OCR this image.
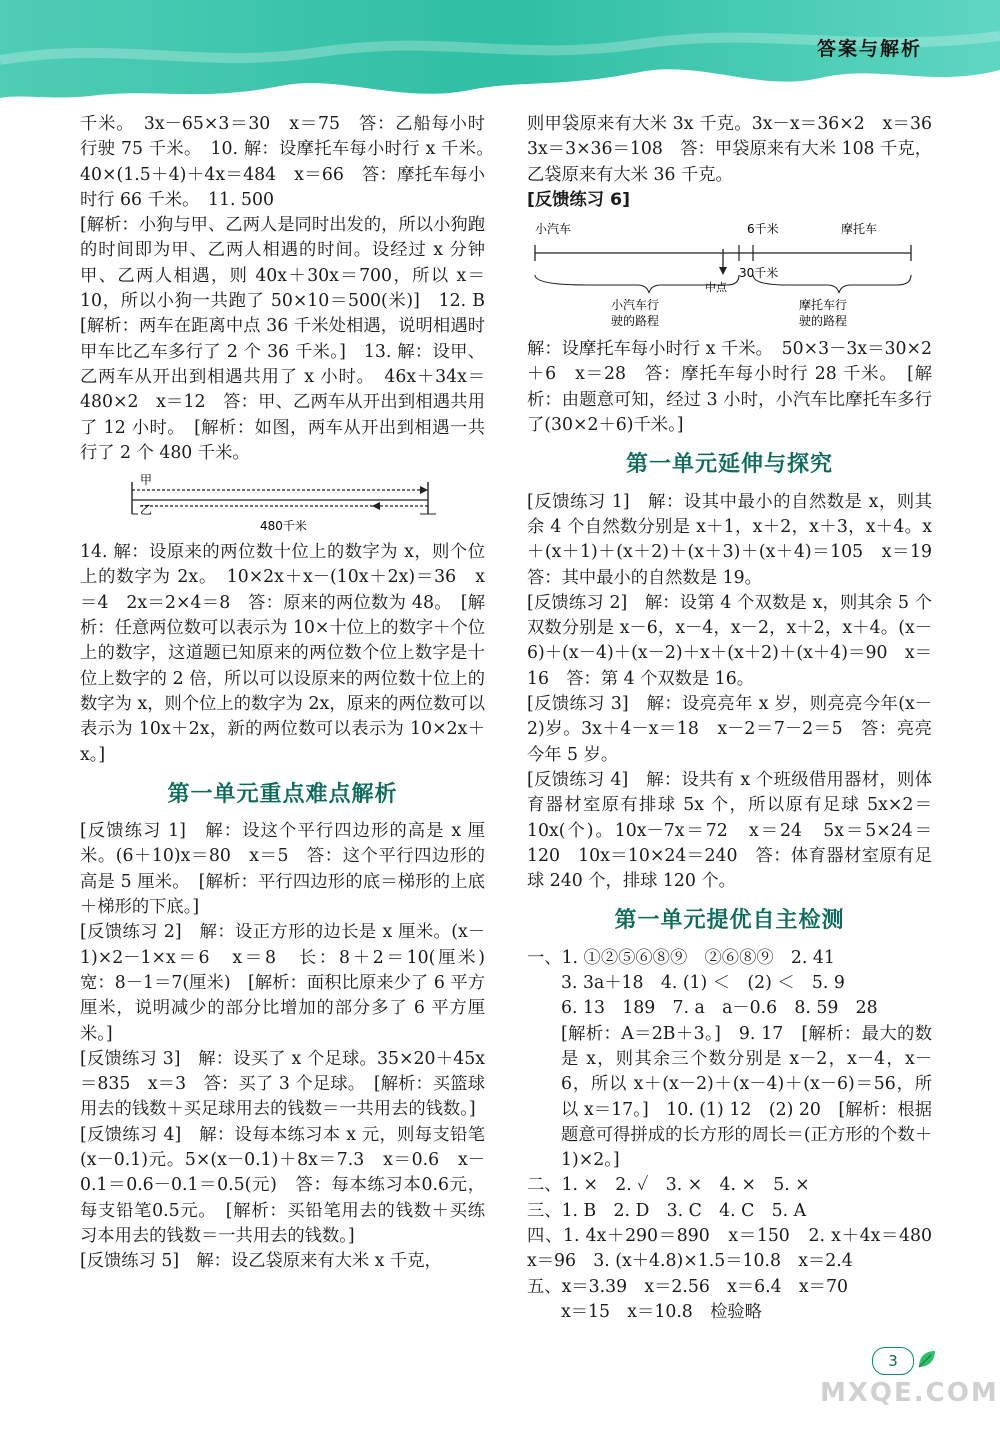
答案与解析

千米。　3x－65×3＝30　x＝75　答：乙船每小时行驶 75 千米。　10. 解：设摩托车每小时行 x 千米。　40×(1.5＋4)＋4x＝484　x＝66　答：摩托车每小时行 66 千米。　11. 500

[解析：小狗与甲、乙两人是同时出发的，所以小狗跑的时间即为甲、乙两人相遇的时间。设经过 x 分钟甲、乙两人相遇，则 40x＋30x＝700，所以 x＝10，所以小狗一共跑了 50×10＝500(米)]　12. B　[解析：两车在距离中点 36 千米处相遇，说明相遇时甲车比乙车多行了 2 个 36 千米。]　13. 解：设甲、乙两车从开出到相遇共用了 x 小时。　46x＋34x＝480×2　x＝12　答：甲、乙两车从开出到相遇共用了 12 小时。　[解析：如图，两车从开出到相遇一共行了 2 个 480 千米。

甲
乙
480千米

14. 解：设原来的两位数十位上的数字为 x，则个位上的数字为 2x。　10×2x＋x－(10x＋2x)＝36　x＝4　2x＝2×4＝8　答：原来的两位数为 48。　[解析：任意两位数可以表示为 10×十位上的数字＋个位上的数字，这道题已知原来的两位数个位上数字是十位上数字的 2 倍，所以可以设原来的两位数十位上的数字为 x，则个位上的数字为 2x，原来的两位数可以表示为 10x＋2x，新的两位数可以表示为 10×2x＋x。]

第一单元重点难点解析

[反馈练习 1]　解：设这个平行四边形的高是 x 厘米。(6＋10)x＝80　x＝5　答：这个平行四边形的高是 5 厘米。　[解析：平行四边形的底＝梯形的上底＋梯形的下底。]

[反馈练习 2]　解：设正方形的边长是 x 厘米。(x－1)×2－1×x＝6　x＝8　长：8＋2＝10(厘米)　宽：8－1＝7(厘米)　[解析：面积比原来少了 6 平方厘米，说明减少的部分比增加的部分多了 6 平方厘米。]

[反馈练习 3]　解：设买了 x 个足球。35×20＋45x＝835　x＝3　答：买了 3 个足球。　[解析：买篮球用去的钱数＋买足球用去的钱数＝一共用去的钱数。]

[反馈练习 4]　解：设每本练习本 x 元，则每支铅笔(x－0.1)元。5×(x－0.1)＋8x＝7.3　x＝0.6　x－0.1＝0.6－0.1＝0.5(元)　答：每本练习本0.6元，每支铅笔0.5元。　[解析：买铅笔用去的钱数＋买练习本用去的钱数＝一共用去的钱数。]

[反馈练习 5]　解：设乙袋原来有大米 x 千克，

则甲袋原来有大米 3x 千克。3x－x＝36×2　x＝36　3x＝3×36＝108　答：甲袋原来有大米 108 千克，乙袋原来有大米 36 千克。

[反馈练习 6]

小汽车	摩托车
6千米
30千米
中点
小汽车行
驶的路程
摩托车行
驶的路程

解：设摩托车每小时行 x 千米。　50×3－3x＝30×2＋6　x＝28　答：摩托车每小时行 28 千米。　[解析：由题意可知，经过 3 小时，小汽车比摩托车多行了(30×2＋6)千米。]

第一单元延伸与探究

[反馈练习 1]　解：设其中最小的自然数是 x，则其余 4 个自然数分别是 x＋1，x＋2，x＋3，x＋4。x＋(x＋1)＋(x＋2)＋(x＋3)＋(x＋4)＝105　x＝19　答：其中最小的自然数是 19。

[反馈练习 2]　解：设第 4 个双数是 x，则其余 5 个双数分别是 x－6，x－4，x－2，x＋2，x＋4。(x－6)＋(x－4)＋(x－2)＋x＋(x＋2)＋(x＋4)＝90　x＝16　答：第 4 个双数是 16。

[反馈练习 3]　解：设亮亮年 x 岁，则亮亮今年(x－2)岁。3x＋4－x＝18　x－2＝7－2＝5　答：亮亮今年 5 岁。

[反馈练习 4]　解：设共有 x 个班级借用器材，则体育器材室原有排球 5x 个，所以原有足球 5x×2＝10x(个)。10x－7x＝72　x＝24　5x＝5×24＝120　10x＝10×24＝240　答：体育器材室原有足球 240 个，排球 120 个。

第一单元提优自主检测

一、1. ①②⑤⑥⑧⑨　②⑥⑧⑨　2. 41

3. 3a＋18　4. (1) ＜　(2) ＜　5. 9

6. 13　189　7. a　a－0.6　8. 59　28

[解析：A＝2B＋3。]　9. 17　[解析：最大的数是 x，则其余三个数分别是 x－2，x－4，x－6，所以 x＋(x－2)＋(x－4)＋(x－6)＝56，所以 x＝17。]　10. (1) 12　(2) 20　[解析：根据题意可得拼成的长方形的周长＝(正方形的个数＋1)×2。]

二、1. ×　2. ✓　3. ×　4. ×　5. ×

三、1. B　2. D　3. C　4. C　5. A

四、1. 4x＋290＝890　x＝150　2. x＋4x＝480　x＝96　3. (x＋4.8)×1.5＝10.8　x＝2.4

五、x＝3.39　x＝2.56　x＝6.4　x＝70

x＝15　x＝10.8　检验略

3
MXQE.COM
